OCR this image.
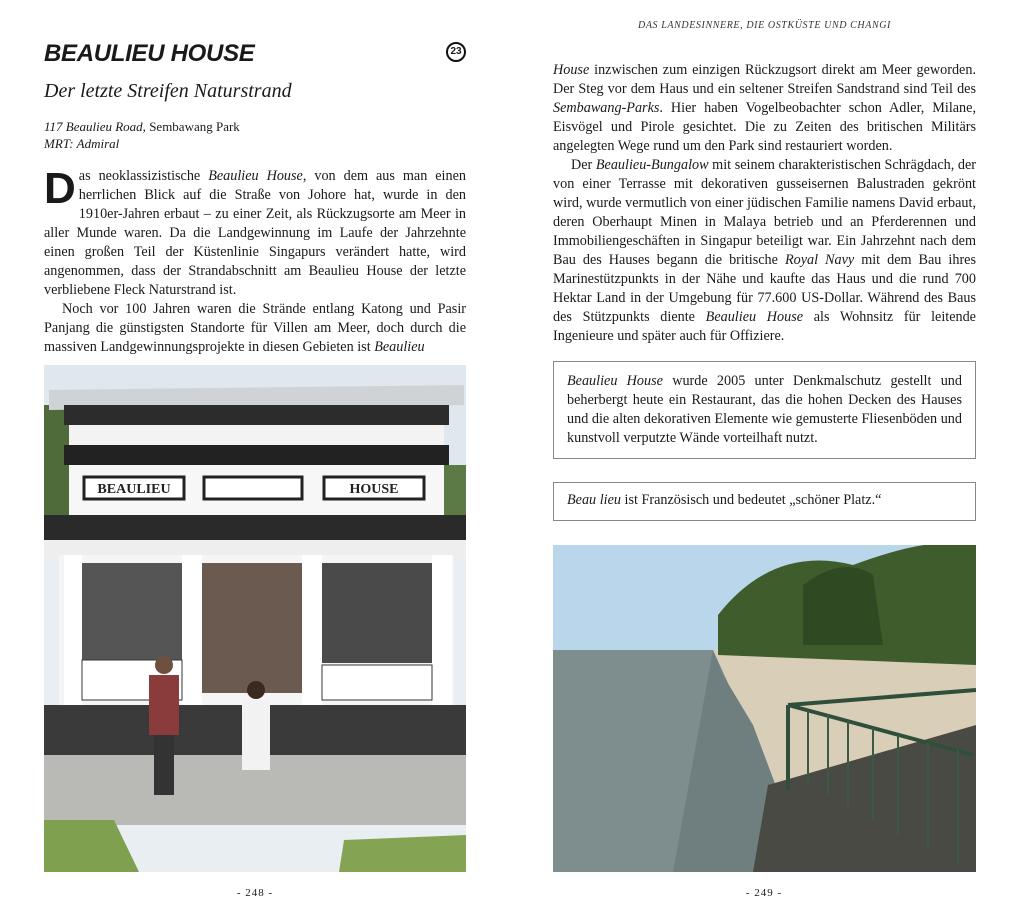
DAS LANDESINNERE, DIE OSTKÜSTE UND CHANGI
BEAULIEU HOUSE	23
Der letzte Streifen Naturstrand
117 Beaulieu Road, Sembawang Park
MRT: Admiral

Das neoklassizistische Beaulieu House, von dem aus man einen herrlichen Blick auf die Straße von Johore hat, wurde in den 1910er-Jahren erbaut – zu einer Zeit, als Rückzugsorte am Meer in aller Munde waren. Da die Landgewinnung im Laufe der Jahrzehnte einen großen Teil der Küstenlinie Singapurs verändert hatte, wird angenommen, dass der Strandabschnitt am Beaulieu House der letzte verbliebene Fleck Naturstrand ist.

Noch vor 100 Jahren waren die Strände entlang Katong und Pasir Panjang die günstigsten Standorte für Villen am Meer, doch durch die massiven Landgewinnungsprojekte in diesen Gebieten ist Beaulieu

BEAULIEU	HOUSE

House inzwischen zum einzigen Rückzugsort direkt am Meer geworden. Der Steg vor dem Haus und ein seltener Streifen Sandstrand sind Teil des Sembawang-Parks. Hier haben Vogelbeobachter schon Adler, Milane, Eisvögel und Pirole gesichtet. Die zu Zeiten des britischen Militärs angelegten Wege rund um den Park sind restauriert worden.

Der Beaulieu-Bungalow mit seinem charakteristischen Schrägdach, der von einer Terrasse mit dekorativen gusseisernen Balustraden gekrönt wird, wurde vermutlich von einer jüdischen Familie namens David erbaut, deren Oberhaupt Minen in Malaya betrieb und an Pferderennen und Immobiliengeschäften in Singapur beteiligt war. Ein Jahrzehnt nach dem Bau des Hauses begann die britische Royal Navy mit dem Bau ihres Marinestützpunkts in der Nähe und kaufte das Haus und die rund 700 Hektar Land in der Umgebung für 77.600 US-Dollar. Während des Baus des Stützpunkts diente Beaulieu House als Wohnsitz für leitende Ingenieure und später auch für Offiziere.

Beaulieu House wurde 2005 unter Denkmalschutz gestellt und beherbergt heute ein Restaurant, das die hohen Decken des Hauses und die alten dekorativen Elemente wie gemusterte Fliesenböden und kunstvoll verputzte Wände vorteilhaft nutzt.
Beau lieu ist Französisch und bedeutet „schöner Platz.“
- 248 -	- 249 -
